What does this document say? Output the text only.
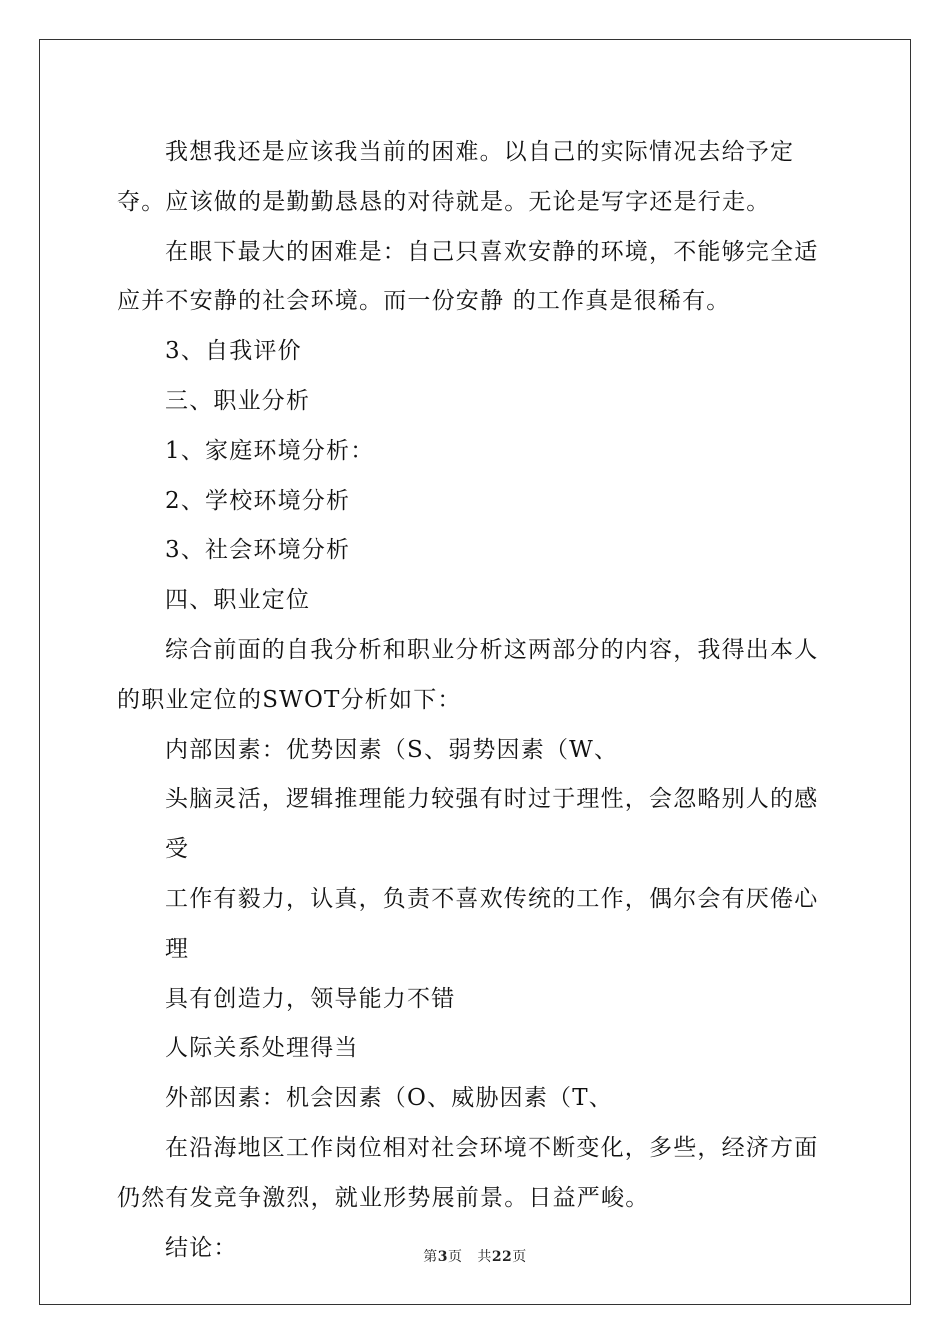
我想我还是应该我当前的困难。以自己的实际情况去给予定夺。应该做的是勤勤恳恳的对待就是。无论是写字还是行走。

在眼下最大的困难是：自己只喜欢安静的环境，不能够完全适应并不安静的社会环境。而一份安静 的工作真是很稀有。

3、自我评价

三、职业分析

1、家庭环境分析：

2、学校环境分析

3、社会环境分析

四、职业定位

综合前面的自我分析和职业分析这两部分的内容，我得出本人的职业定位的SWOT分析如下：

内部因素：优势因素（S、弱势因素（W、

头脑灵活，逻辑推理能力较强有时过于理性，会忽略别人的感受

工作有毅力，认真，负责不喜欢传统的工作，偶尔会有厌倦心理

具有创造力，领导能力不错

人际关系处理得当

外部因素：机会因素（O、威胁因素（T、

在沿海地区工作岗位相对社会环境不断变化，多些，经济方面仍然有发竞争激烈，就业形势展前景。日益严峻。

结论：	第3页 共22页
